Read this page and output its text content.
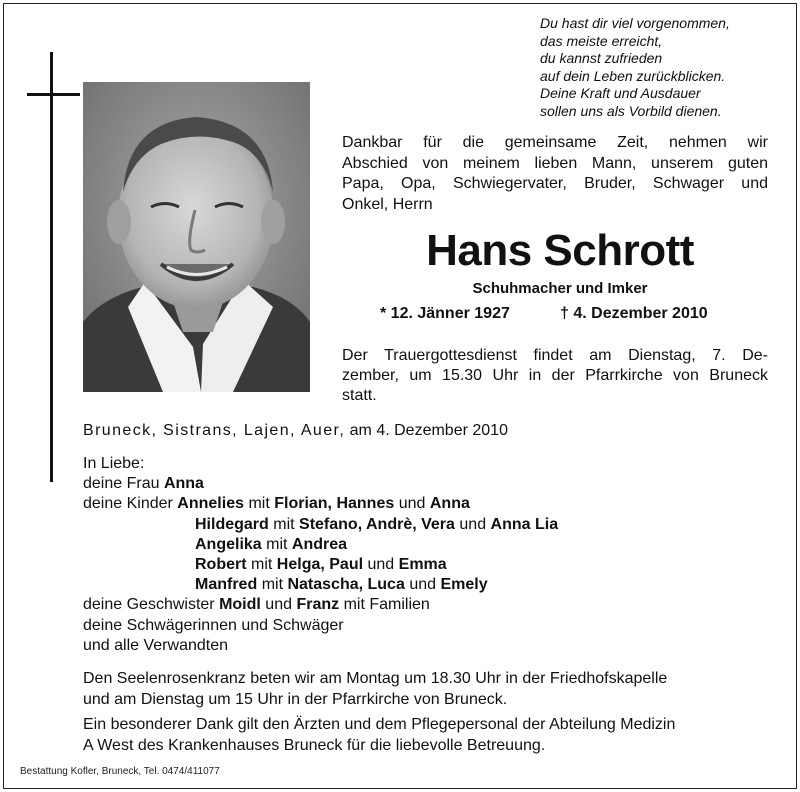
Du hast dir viel vorgenommen,
das meiste erreicht,
du kannst zufrieden
auf dein Leben zurückblicken.
Deine Kraft und Ausdauer
sollen uns als Vorbild dienen.
Dankbar für die gemeinsame Zeit, nehmen wir
Abschied von meinem lieben Mann, unserem guten
Papa, Opa, Schwiegervater, Bruder, Schwager und
Onkel, Herrn
Hans Schrott
Schuhmacher und Imker
* 12. Jänner 1927	† 4. Dezember 2010
Der Trauergottesdienst findet am Dienstag, 7. De-
zember, um 15.30 Uhr in der Pfarrkirche von Bruneck
statt.
Bruneck, Sistrans, Lajen, Auer, am 4. Dezember 2010
In Liebe:
deine Frau Anna
deine Kinder Annelies mit Florian, Hannes und Anna
Hildegard mit Stefano, Andrè, Vera und Anna Lia
Angelika mit Andrea
Robert mit Helga, Paul und Emma
Manfred mit Natascha, Luca und Emely
deine Geschwister Moidl und Franz mit Familien
deine Schwägerinnen und Schwäger
und alle Verwandten
Den Seelenrosenkranz beten wir am Montag um 18.30 Uhr in der Friedhofskapelle
und am Dienstag um 15 Uhr in der Pfarrkirche von Bruneck.
Ein besonderer Dank gilt den Ärzten und dem Pflegepersonal der Abteilung Medizin
A West des Krankenhauses Bruneck für die liebevolle Betreuung.
Bestattung Kofler, Bruneck, Tel. 0474/411077
